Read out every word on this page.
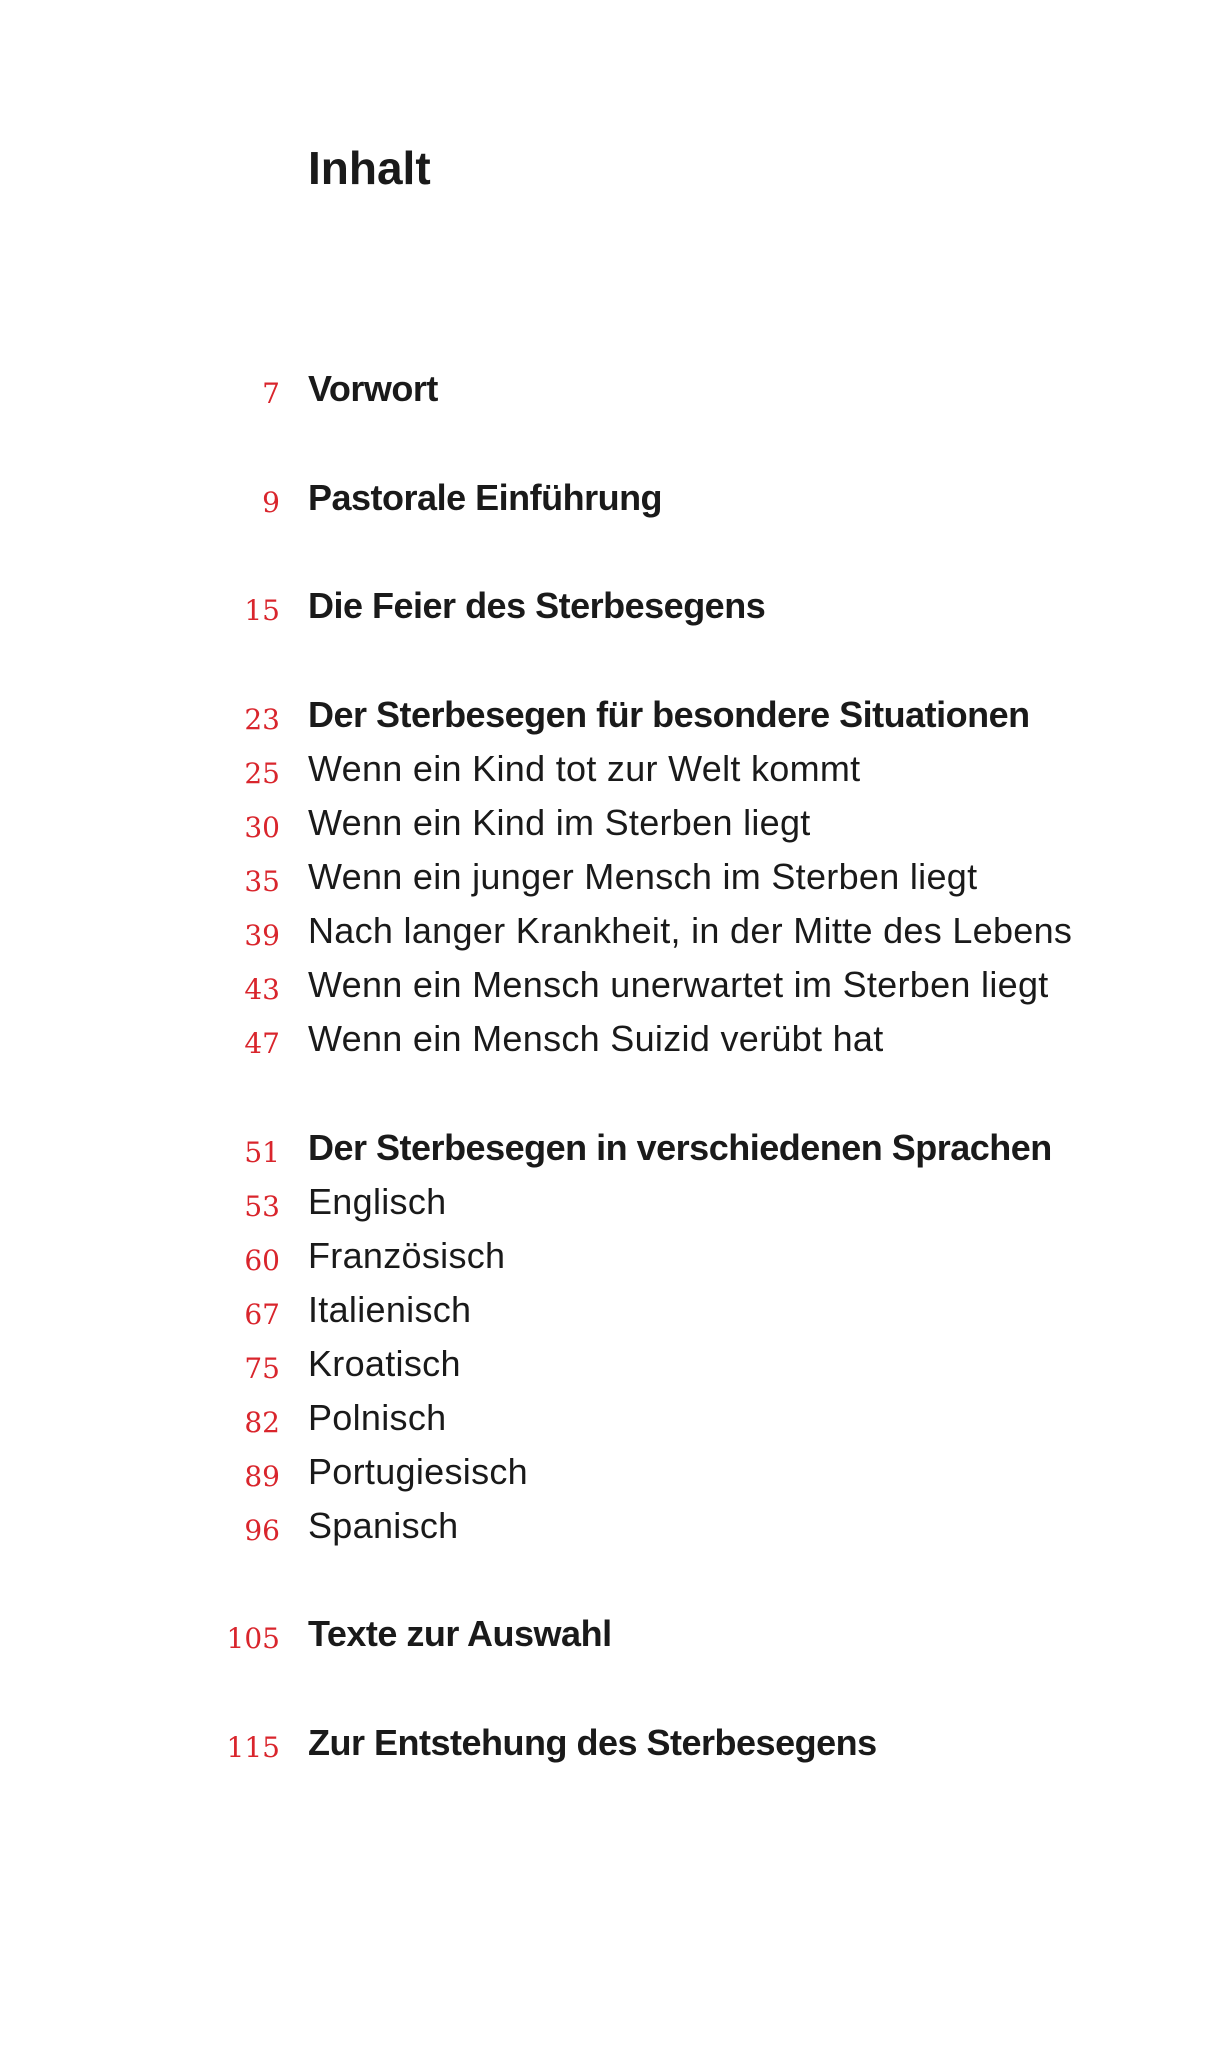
Inhalt
7 Vorwort
9 Pastorale Einführung
15 Die Feier des Sterbesegens
23 Der Sterbesegen für besondere Situationen
25 Wenn ein Kind tot zur Welt kommt
30 Wenn ein Kind im Sterben liegt
35 Wenn ein junger Mensch im Sterben liegt
39 Nach langer Krankheit, in der Mitte des Lebens
43 Wenn ein Mensch unerwartet im Sterben liegt
47 Wenn ein Mensch Suizid verübt hat
51 Der Sterbesegen in verschiedenen Sprachen
53 Englisch
60 Französisch
67 Italienisch
75 Kroatisch
82 Polnisch
89 Portugiesisch
96 Spanisch
105 Texte zur Auswahl
115 Zur Entstehung des Sterbesegens
